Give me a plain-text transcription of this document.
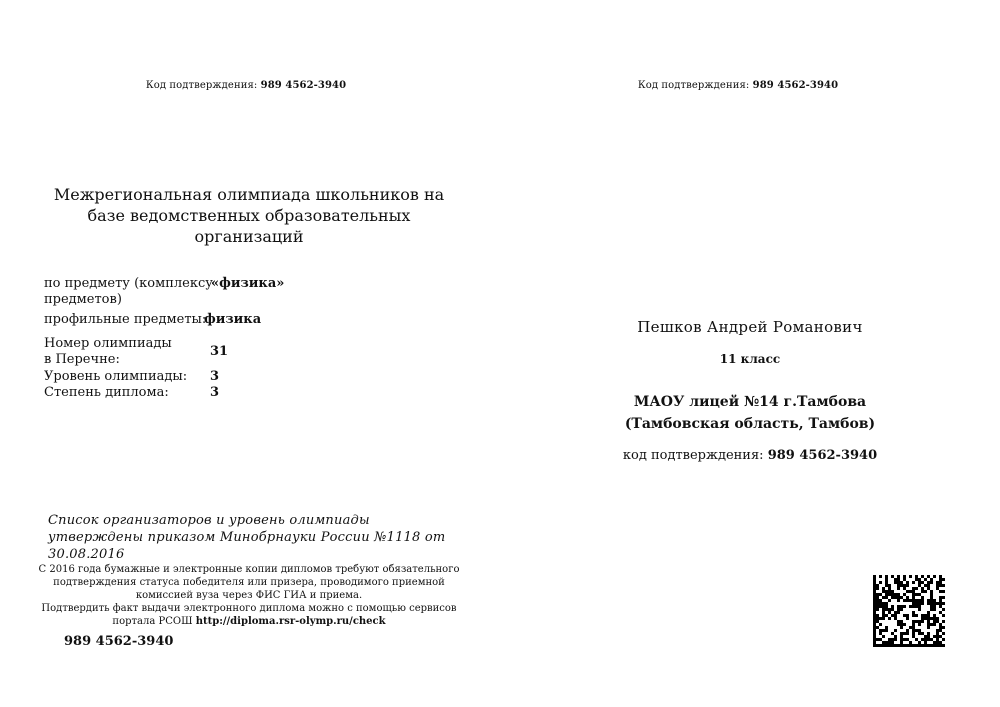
Код подтверждения: 989 4562-3940
Межрегиональная олимпиада школьников на базе ведомственных образовательных организаций
по предмету (комплексу предметов)
«физика»
профильные предметы:
физика
Номер олимпиады в Перечне:
31
Уровень олимпиады:	3
Степень диплома:	3
Список организаторов и уровень олимпиады утверждены приказом Минобрнауки России №1118 от 30.08.2016
С 2016 года бумажные и электронные копии дипломов требуют обязательного подтверждения статуса победителя или призера, проводимого приемной комиссией вуза через ФИС ГИА и приема.
Подтвердить факт выдачи электронного диплома можно с помощью сервисов портала РСОШ http://diploma.rsr-olymp.ru/check
989 4562-3940
Код подтверждения: 989 4562-3940
Пешков Андрей Романович
11 класс
МАОУ лицей №14 г.Тамбова
(Тамбовская область, Тамбов)
код подтверждения: 989 4562-3940
